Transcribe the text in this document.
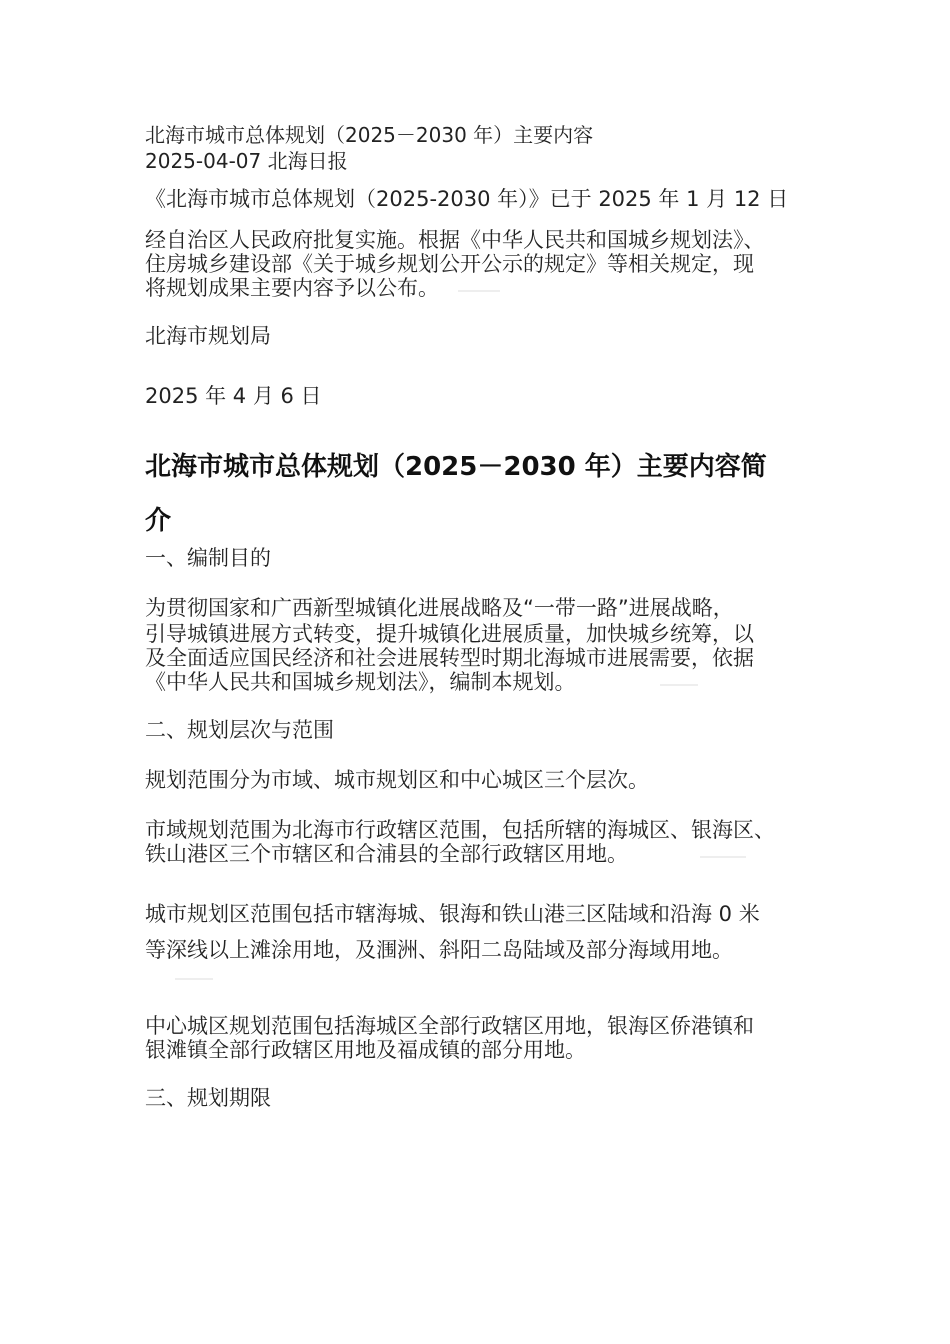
北海市城市总体规划（2025－2030 年）主要内容

2025-04-07 北海日报

《北海市城市总体规划（2025-2030 年）》已于 2025 年 1 月 12 日

经自治区人民政府批复实施。根据《中华人民共和国城乡规划法》、

住房城乡建设部《关于城乡规划公开公示的规定》等相关规定，现

将规划成果主要内容予以公布。

北海市规划局

2025 年 4 月 6 日

北海市城市总体规划（2025－2030 年）主要内容简

介

一、编制目的

为贯彻国家和广西新型城镇化进展战略及“一带一路”进展战略，

引导城镇进展方式转变，提升城镇化进展质量，加快城乡统筹，以

及全面适应国民经济和社会进展转型时期北海城市进展需要，依据

《中华人民共和国城乡规划法》，编制本规划。

二、规划层次与范围

规划范围分为市域、城市规划区和中心城区三个层次。

市域规划范围为北海市行政辖区范围，包括所辖的海城区、银海区、

铁山港区三个市辖区和合浦县的全部行政辖区用地。

城市规划区范围包括市辖海城、银海和铁山港三区陆域和沿海 0 米

等深线以上滩涂用地，及涠洲、斜阳二岛陆域及部分海域用地。

中心城区规划范围包括海城区全部行政辖区用地，银海区侨港镇和

银滩镇全部行政辖区用地及福成镇的部分用地。

三、规划期限
